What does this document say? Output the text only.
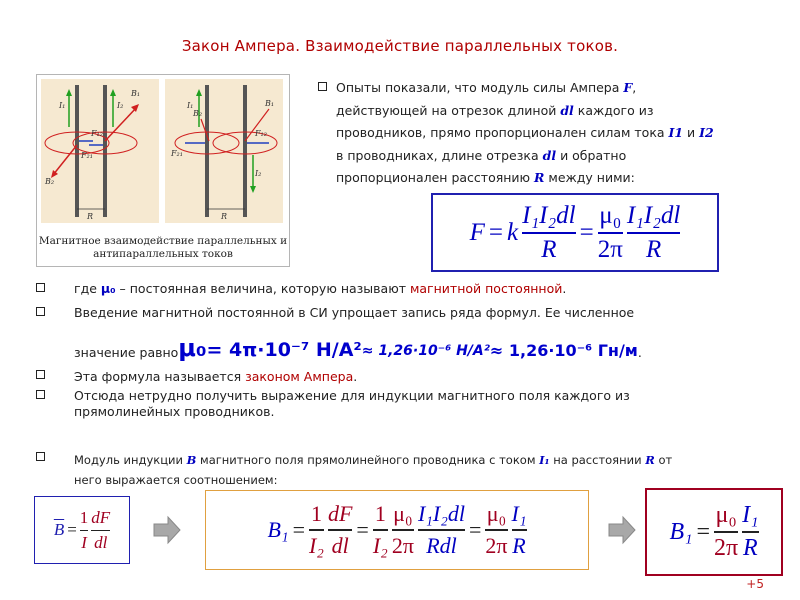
Закон Ампера. Взаимодействие параллельных токов.
I₁	I₂
B₁
B₂
F₁₂
F₂₁
R
I₁
I₂
B₁
B₂
F₂₁
F₁₂
R
Магнитное взаимодействие параллельных и
антипараллельных токов
Опыты показали, что модуль силы Ампера F,
действующей на отрезок длиной dl каждого из
проводников, прямо пропорционален силам тока I1 и I2
в проводниках, длине отрезка dl и обратно
пропорционален расстоянию R между ними:
F = k $\frac{\text{I₁I₂dl}}{R} = \frac{\text{μ₀}}{2\pi} \frac{\text{I₁I₂dl}}{R}$
где μ₀ – постоянная величина, которую называют магнитной постоянной.
Введение магнитной постоянной в СИ упрощает запись ряда формул. Ее численное
значение равно μ₀ = 4π·10⁻⁷ Н/А² ≈ 1,26·10⁻⁶ Н/А² ≈ 1,26·10⁻⁶ Гн/м .
Эта формула называется законом Ампера.
Отсюда нетрудно получить выражение для индукции магнитного поля каждого из
прямолинейных проводников.
Модуль индукции B магнитного поля прямолинейного проводника с током I₁ на расстоянии R от
него выражается соотношением:
$\overline{B} = \frac{1}{I} \frac{dF}{dl}$	$B_1 = \frac{1}{\text{I₂}} \frac{dF}{dl} = \frac{1}{\text{I₂}} \frac{\text{μ₀}}{2\pi} \frac{\text{I₁I₂dl}}{\text{Rdl}} = \frac{\text{μ₀}}{2\pi} \frac{\text{I₁}}{R}$	$B_1 = \frac{\text{μ₀}}{2\pi} \frac{\text{I₁}}{R}$
+5
